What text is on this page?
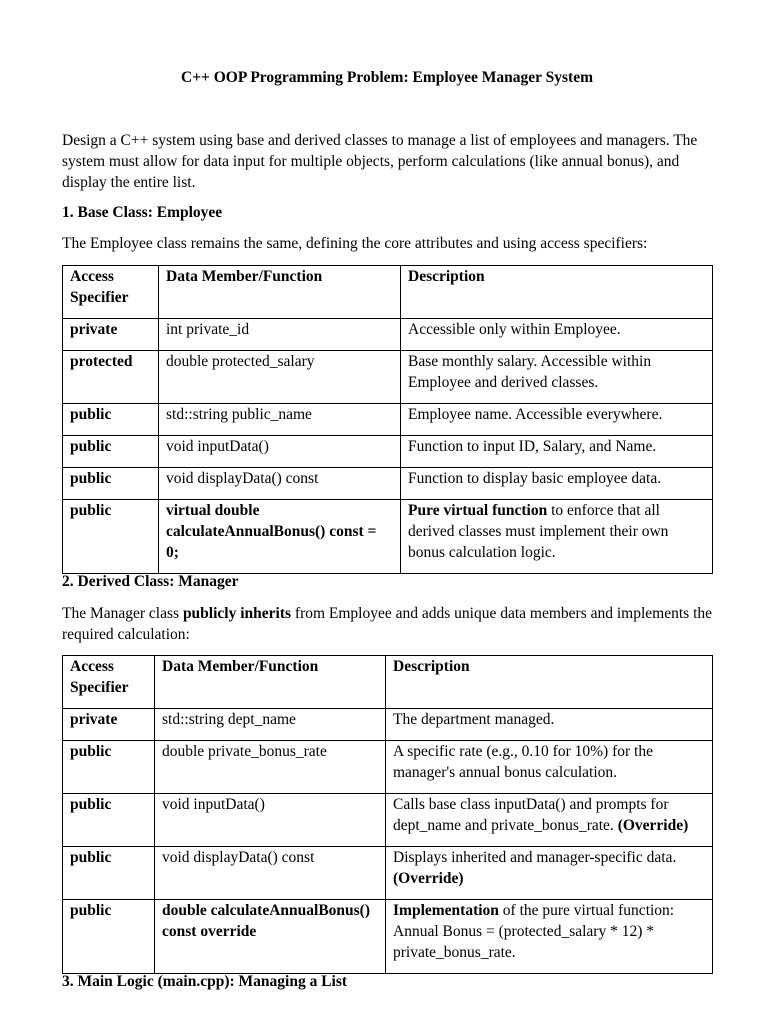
C++ OOP Programming Problem: Employee Manager System

Design a C++ system using base and derived classes to manage a list of employees and managers. The system must allow for data input for multiple objects, perform calculations (like annual bonus), and display the entire list.

1. Base Class: Employee

The Employee class remains the same, defining the core attributes and using access specifiers:

Access Specifier	Data Member/Function	Description
private	int private_id	Accessible only within Employee.
protected	double protected_salary	Base monthly salary. Accessible within Employee and derived classes.
public	std::string public_name	Employee name. Accessible everywhere.
public	void inputData()	Function to input ID, Salary, and Name.
public	void displayData() const	Function to display basic employee data.
public	virtual double calculateAnnualBonus() const = 0;	Pure virtual function to enforce that all derived classes must implement their own bonus calculation logic.

2. Derived Class: Manager

The Manager class publicly inherits from Employee and adds unique data members and implements the required calculation:

Access Specifier	Data Member/Function	Description
private	std::string dept_name	The department managed.
public	double private_bonus_rate	A specific rate (e.g., 0.10 for 10%) for the manager's annual bonus calculation.
public	void inputData()	Calls base class inputData() and prompts for dept_name and private_bonus_rate. (Override)
public	void displayData() const	Displays inherited and manager-specific data. (Override)
public	double calculateAnnualBonus() const override	Implementation of the pure virtual function: Annual Bonus = (protected_salary * 12) * private_bonus_rate.

3. Main Logic (main.cpp): Managing a List
